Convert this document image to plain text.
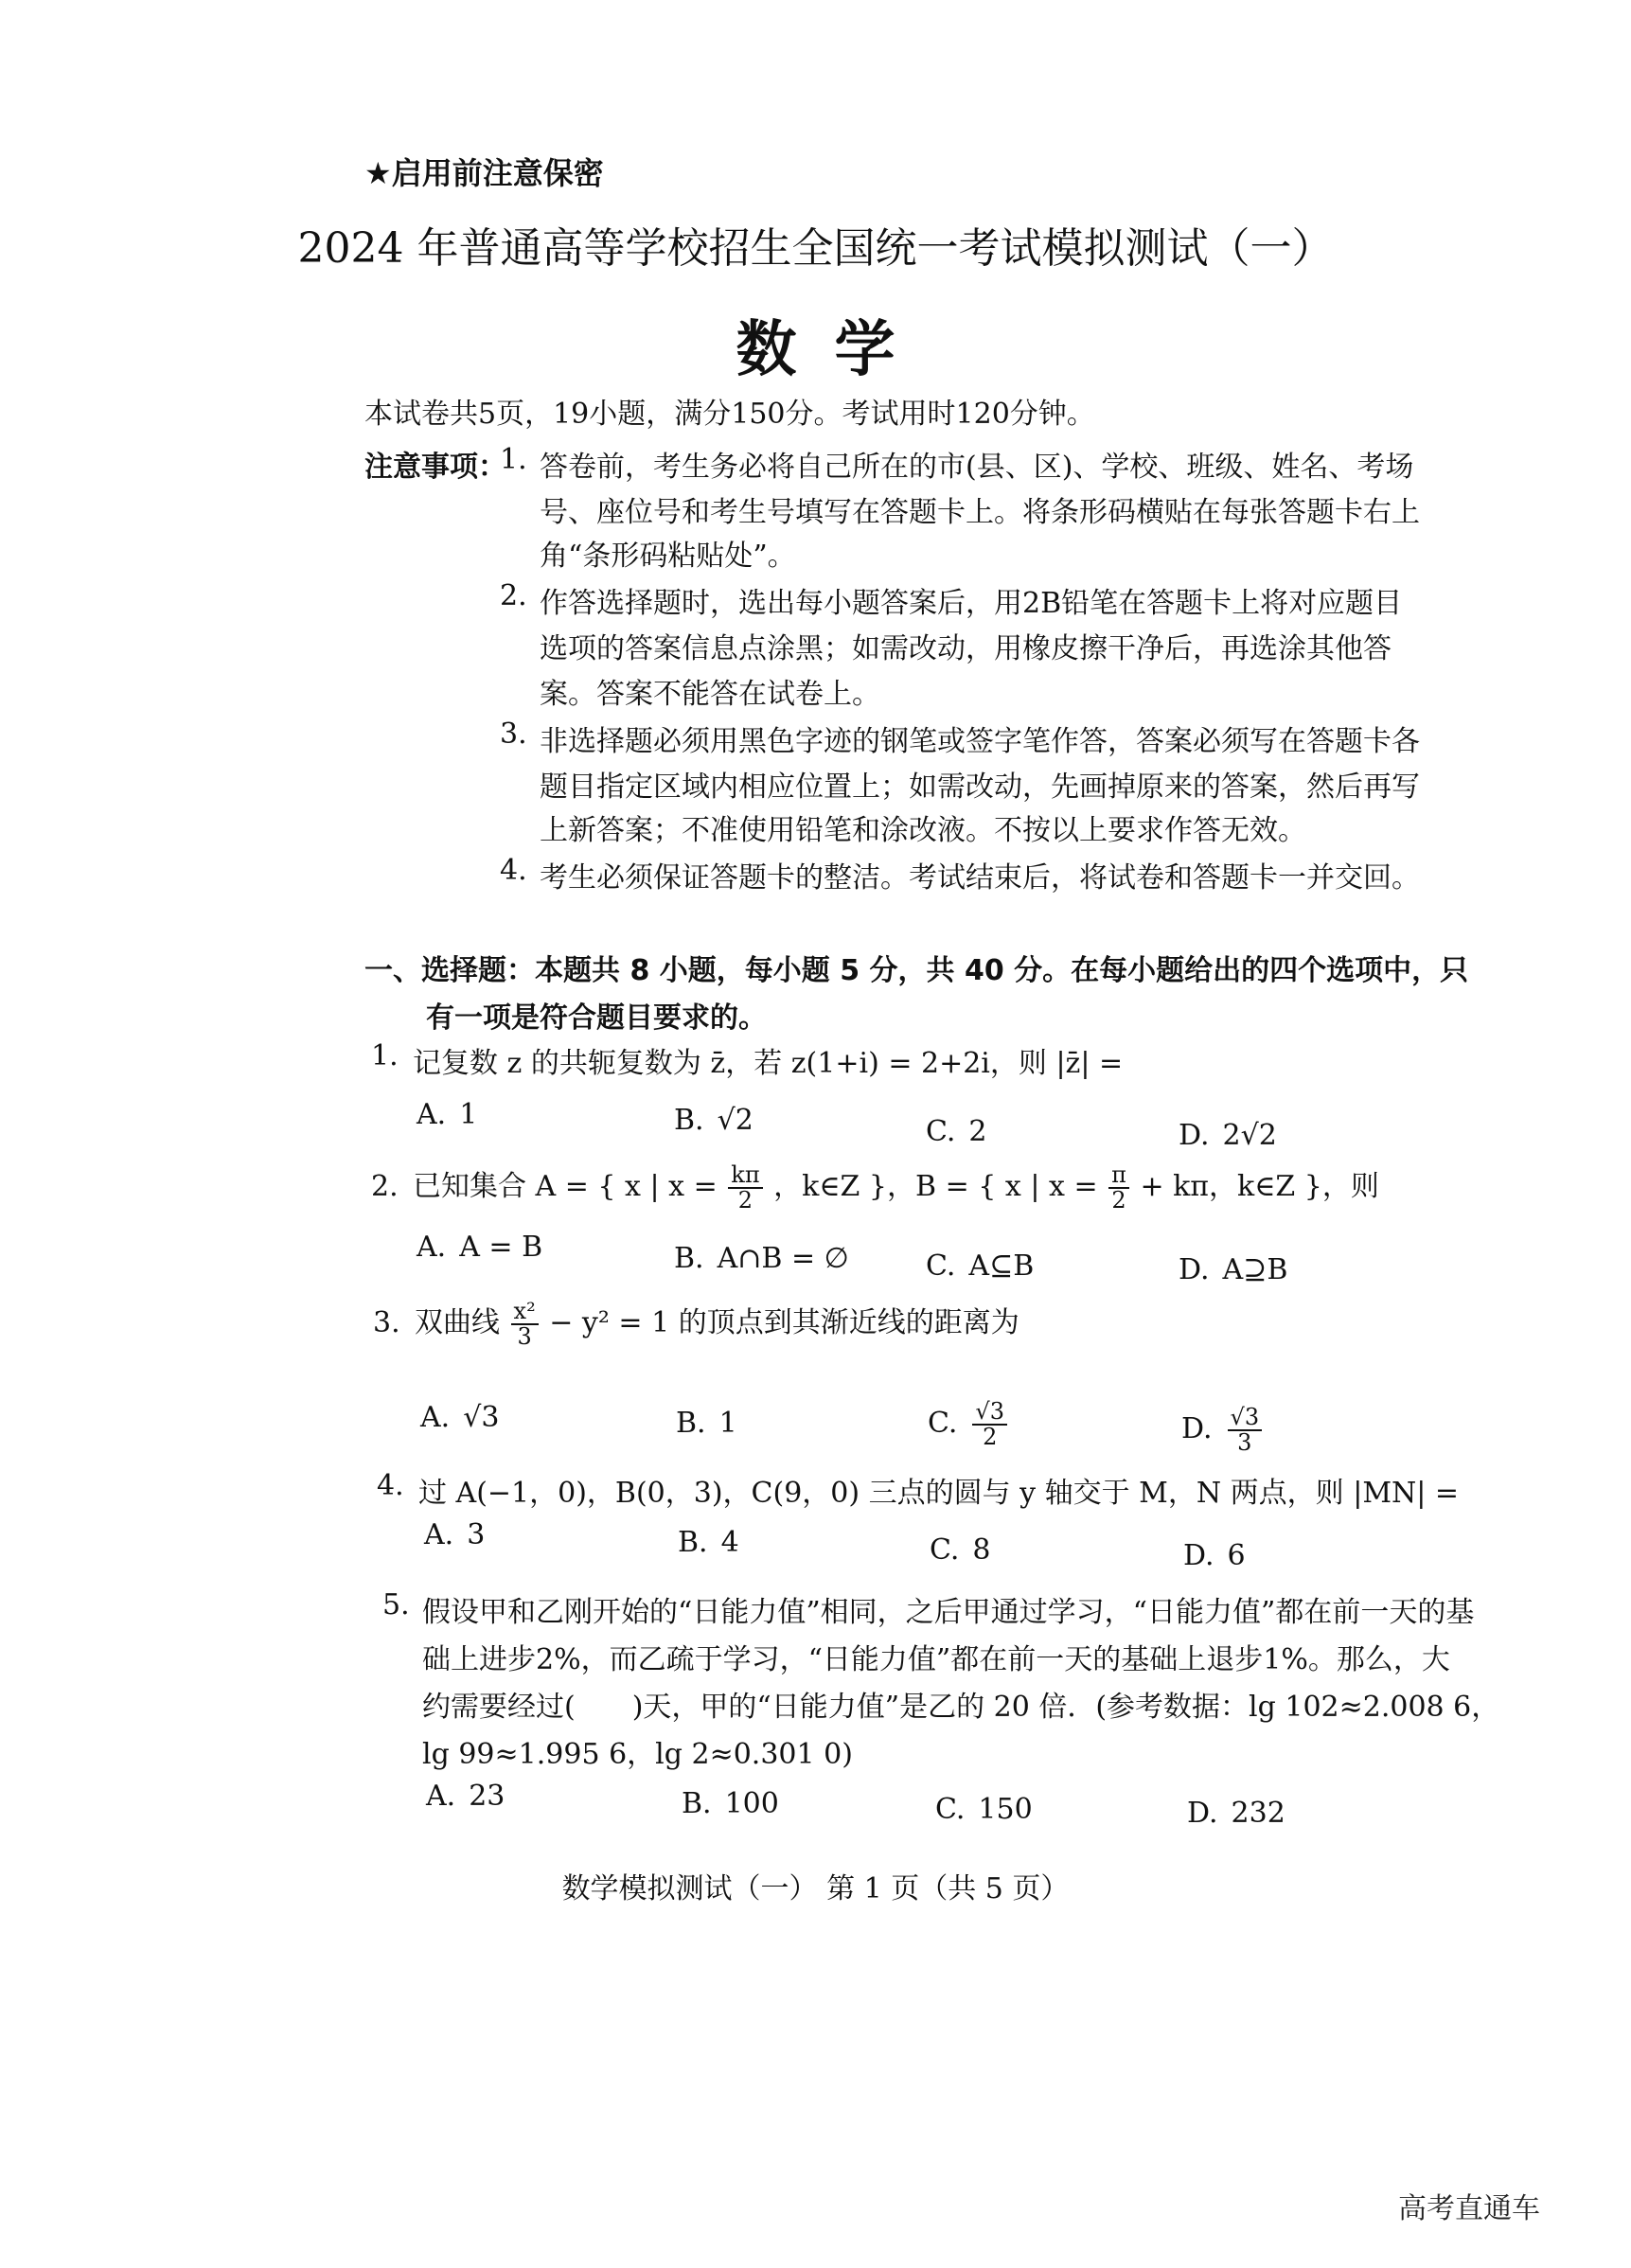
★启用前注意保密
2024 年普通高等学校招生全国统一考试模拟测试（一）
数学
本试卷共5页，19小题，满分150分。考试用时120分钟。
注意事项：
1. 答卷前，考生务必将自己所在的市(县、区)、学校、班级、姓名、考场
号、座位号和考生号填写在答题卡上。将条形码横贴在每张答题卡右上
角“条形码粘贴处”。
2. 作答选择题时，选出每小题答案后，用2B铅笔在答题卡上将对应题目
选项的答案信息点涂黑；如需改动，用橡皮擦干净后，再选涂其他答
案。答案不能答在试卷上。
3. 非选择题必须用黑色字迹的钢笔或签字笔作答，答案必须写在答题卡各
题目指定区域内相应位置上；如需改动，先画掉原来的答案，然后再写
上新答案；不准使用铅笔和涂改液。不按以上要求作答无效。
4. 考生必须保证答题卡的整洁。考试结束后，将试卷和答题卡一并交回。
一、选择题：本题共 8 小题，每小题 5 分，共 40 分。在每小题给出的四个选项中，只
有一项是符合题目要求的。
1. 记复数 z 的共轭复数为 z̄，若 z(1+i) = 2+2i，则 |z̄| =
A. 1	B. √2	C. 2	D. 2√2
2. 已知集合 A = { x | $x = \frac{k\pi}{2}$ ，k∈Z }，B = { x | $x = \frac{\pi}{2} + k\pi$，k∈Z }，则
A. A = B	B. A∩B = ∅	C. A⊆B	D. A⊇B
3. 双曲线 $\frac{\text{x²}}{3} - y^2 = 1$ 的顶点到其渐近线的距离为
A. √3	B. 1	C. $\frac{√3}{2}$	D. $\frac{√3}{3}$
4. 过 A(−1，0)，B(0，3)，C(9，0) 三点的圆与 y 轴交于 M，N 两点，则 |MN| =
A. 3	B. 4	C. 8	D. 6
5. 假设甲和乙刚开始的“日能力值”相同，之后甲通过学习，“日能力值”都在前一天的基
础上进步2%，而乙疏于学习，“日能力值”都在前一天的基础上退步1%。那么，大
约需要经过(　　)天，甲的“日能力值”是乙的 20 倍．(参考数据：lg 102≈2.008 6，
lg 99≈1.995 6，lg 2≈0.301 0)
A. 23	B. 100	C. 150	D. 232
数学模拟测试（一） 第 1 页（共 5 页）
高考直通车
